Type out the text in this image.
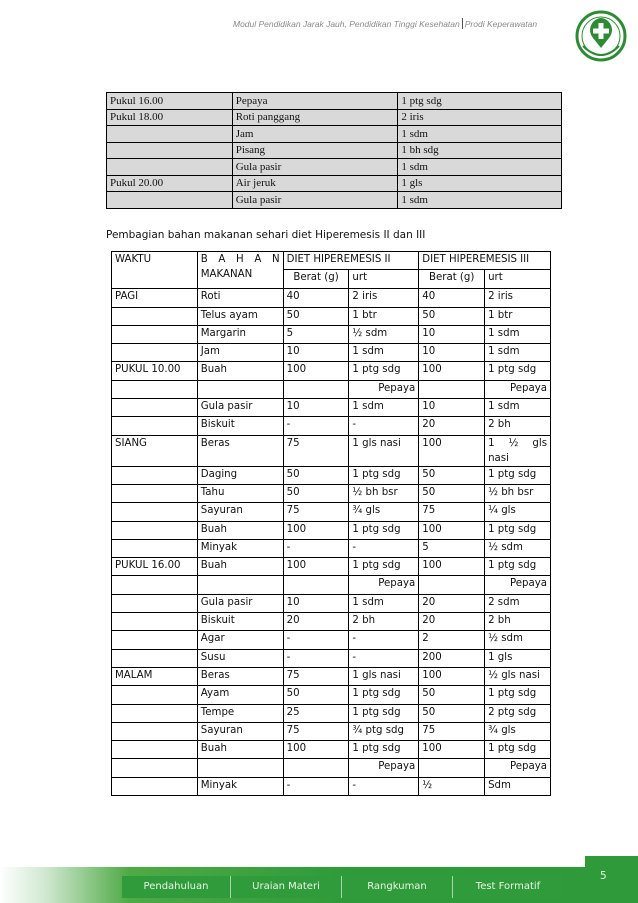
Modul Pendidikan Jarak Jauh, Pendidikan Tinggi Kesehatan Prodi Keperawatan
Pukul 16.00	Pepaya	1 ptg sdg
Pukul 18.00	Roti panggang	2 iris
	Jam	1 sdm
	Pisang	1 bh sdg
	Gula pasir	1 sdm
Pukul 20.00	Air jeruk	1 gls
	Gula pasir	1 sdm
Pembagian bahan makanan sehari diet Hiperemesis II dan III
WAKTU	B A H A N MAKANAN	DIET HIPEREMESIS II		DIET HIPEREMESIS III	
		Berat (g)	urt	Berat (g)	urt
PAGI	Roti	40	2 iris	40	2 iris
	Telus ayam	50	1 btr	50	1 btr
	Margarin	5	½ sdm	10	1 sdm
	Jam	10	1 sdm	10	1 sdm
PUKUL 10.00	Buah	100	1 ptg sdg	100	1 ptg sdg
			Pepaya		Pepaya
	Gula pasir	10	1 sdm	10	1 sdm
	Biskuit	-	-	20	2 bh
SIANG	Beras	75	1 gls nasi	100	1 ½ gls nasi
	Daging	50	1 ptg sdg	50	1 ptg sdg
	Tahu	50	½ bh bsr	50	½ bh bsr
	Sayuran	75	¾ gls	75	¼ gls
	Buah	100	1 ptg sdg	100	1 ptg sdg
	Minyak	-	-	5	½ sdm
PUKUL 16.00	Buah	100	1 ptg sdg	100	1 ptg sdg
			Pepaya		Pepaya
	Gula pasir	10	1 sdm	20	2 sdm
	Biskuit	20	2 bh	20	2 bh
	Agar	-	-	2	½ sdm
	Susu	-	-	200	1 gls
MALAM	Beras	75	1 gls nasi	100	½ gls nasi
	Ayam	50	1 ptg sdg	50	1 ptg sdg
	Tempe	25	1 ptg sdg	50	2 ptg sdg
	Sayuran	75	¾ ptg sdg	75	¾ gls
	Buah	100	1 ptg sdg	100	1 ptg sdg
			Pepaya		Pepaya
	Minyak	-	-	½	Sdm
Pendahuluan	Uraian Materi	Rangkuman	Test Formatif
5
